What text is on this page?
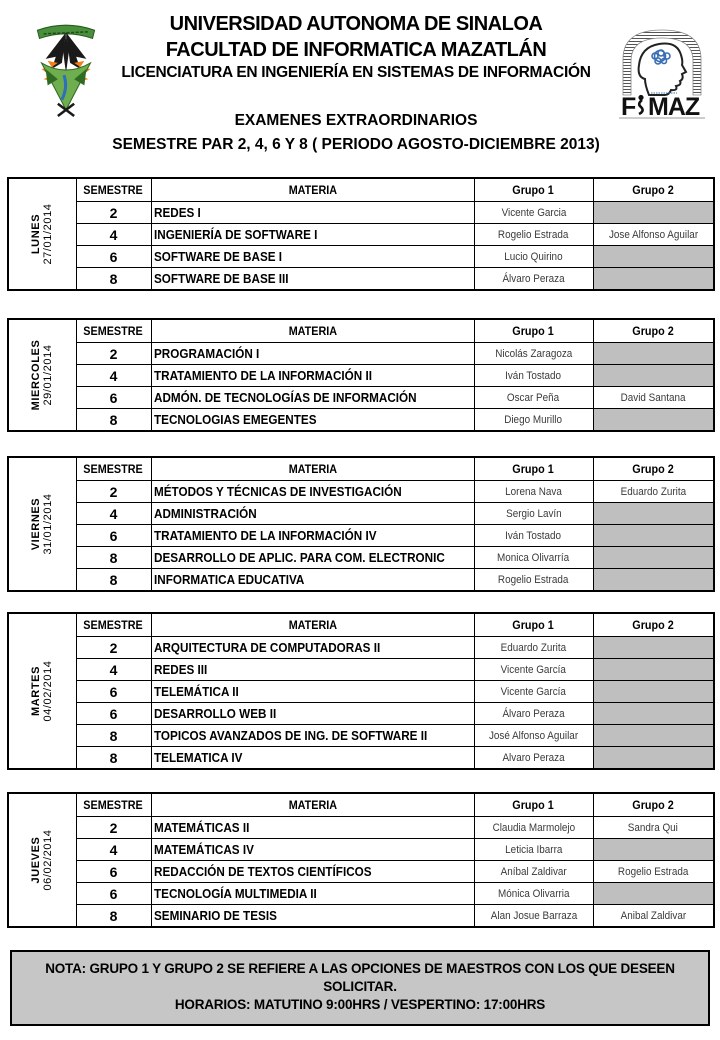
UNIVERSIDAD AUTONOMA DE SINALOA
FACULTAD DE INFORMATICA MAZATLÁN
LICENCIATURA EN INGENIERÍA EN SISTEMAS DE INFORMACIÓN
EXAMENES EXTRAORDINARIOS
SEMESTRE PAR 2, 4, 6 Y 8 ( PERIODO AGOSTO-DICIEMBRE 2013)
F MAZ
LUNES 27/01/2014	SEMESTRE	MATERIA	Grupo 1	Grupo 2
	2	REDES I	Vicente Garcia	
	4	INGENIERÍA DE SOFTWARE I	Rogelio Estrada	Jose Alfonso Aguilar
	6	SOFTWARE DE BASE I	Lucio Quirino	
	8	SOFTWARE DE BASE III	Álvaro Peraza	
MIERCOLES 29/01/2014	SEMESTRE	MATERIA	Grupo 1	Grupo 2
	2	PROGRAMACIÓN I	Nicolás Zaragoza	
	4	TRATAMIENTO DE LA INFORMACIÓN II	Iván Tostado	
	6	ADMÓN. DE TECNOLOGÍAS DE INFORMACIÓN	Oscar Peña	David Santana
	8	TECNOLOGIAS EMEGENTES	Diego Murillo	
VIERNES 31/01/2014	SEMESTRE	MATERIA	Grupo 1	Grupo 2
	2	MÉTODOS Y TÉCNICAS DE INVESTIGACIÓN	Lorena Nava	Eduardo Zurita
	4	ADMINISTRACIÓN	Sergio Lavín	
	6	TRATAMIENTO DE LA INFORMACIÓN IV	Iván Tostado	
	8	DESARROLLO DE APLIC. PARA COM. ELECTRONIC	Monica Olivarría	
	8	INFORMATICA EDUCATIVA	Rogelio Estrada	
MARTES 04/02/2014	SEMESTRE	MATERIA	Grupo 1	Grupo 2
	2	ARQUITECTURA DE COMPUTADORAS II	Eduardo Zurita	
	4	REDES III	Vicente García	
	6	TELEMÁTICA II	Vicente García	
	6	DESARROLLO WEB II	Álvaro Peraza	
	8	TOPICOS AVANZADOS DE ING. DE SOFTWARE II	José Alfonso Aguilar	
	8	TELEMATICA IV	Alvaro Peraza	
JUEVES 06/02/2014	SEMESTRE	MATERIA	Grupo 1	Grupo 2
	2	MATEMÁTICAS II	Claudia Marmolejo	Sandra Qui
	4	MATEMÁTICAS IV	Leticia Ibarra	
	6	REDACCIÓN DE TEXTOS CIENTÍFICOS	Aníbal Zaldivar	Rogelio Estrada
	6	TECNOLOGÍA MULTIMEDIA II	Mónica Olivarria	
	8	SEMINARIO DE TESIS	Alan Josue Barraza	Anibal Zaldivar
NOTA: GRUPO 1 Y GRUPO 2 SE REFIERE A LAS OPCIONES DE MAESTROS CON LOS QUE DESEEN
SOLICITAR.
HORARIOS: MATUTINO 9:00HRS / VESPERTINO: 17:00HRS
